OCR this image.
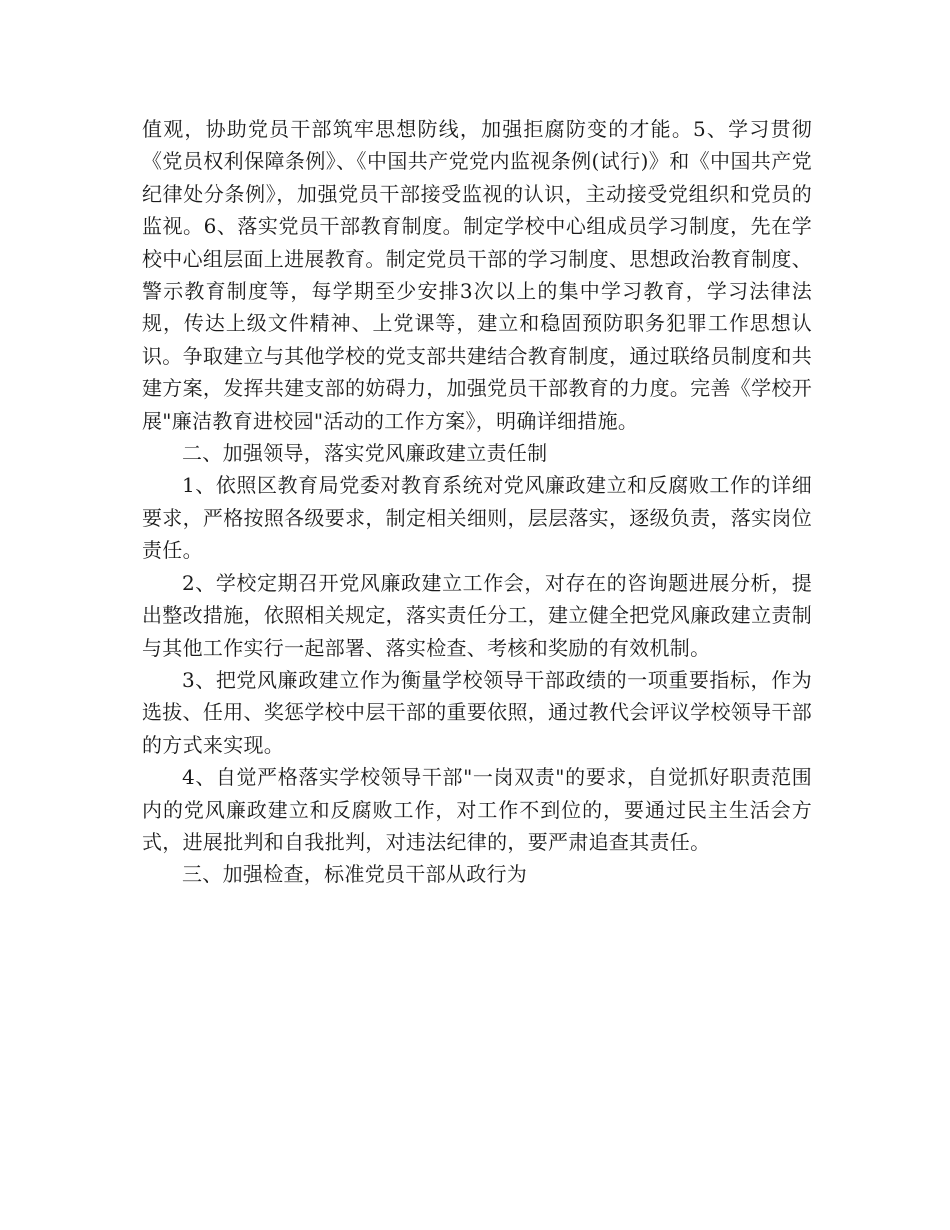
值观，协助党员干部筑牢思想防线，加强拒腐防变的才能。5、学习贯彻《党员权利保障条例》、《中国共产党党内监视条例(试行)》和《中国共产党纪律处分条例》，加强党员干部接受监视的认识，主动接受党组织和党员的监视。6、落实党员干部教育制度。制定学校中心组成员学习制度，先在学校中心组层面上进展教育。制定党员干部的学习制度、思想政治教育制度、警示教育制度等，每学期至少安排3次以上的集中学习教育，学习法律法规，传达上级文件精神、上党课等，建立和稳固预防职务犯罪工作思想认识。争取建立与其他学校的党支部共建结合教育制度，通过联络员制度和共建方案，发挥共建支部的妨碍力，加强党员干部教育的力度。完善《学校开展"廉洁教育进校园"活动的工作方案》，明确详细措施。

二、加强领导，落实党风廉政建立责任制

1、依照区教育局党委对教育系统对党风廉政建立和反腐败工作的详细要求，严格按照各级要求，制定相关细则，层层落实，逐级负责，落实岗位责任。

2、学校定期召开党风廉政建立工作会，对存在的咨询题进展分析，提出整改措施，依照相关规定，落实责任分工，建立健全把党风廉政建立责制与其他工作实行一起部署、落实检查、考核和奖励的有效机制。

3、把党风廉政建立作为衡量学校领导干部政绩的一项重要指标，作为选拔、任用、奖惩学校中层干部的重要依照，通过教代会评议学校领导干部的方式来实现。

4、自觉严格落实学校领导干部"一岗双责"的要求，自觉抓好职责范围内的党风廉政建立和反腐败工作，对工作不到位的，要通过民主生活会方式，进展批判和自我批判，对违法纪律的，要严肃追查其责任。

三、加强检查，标准党员干部从政行为
